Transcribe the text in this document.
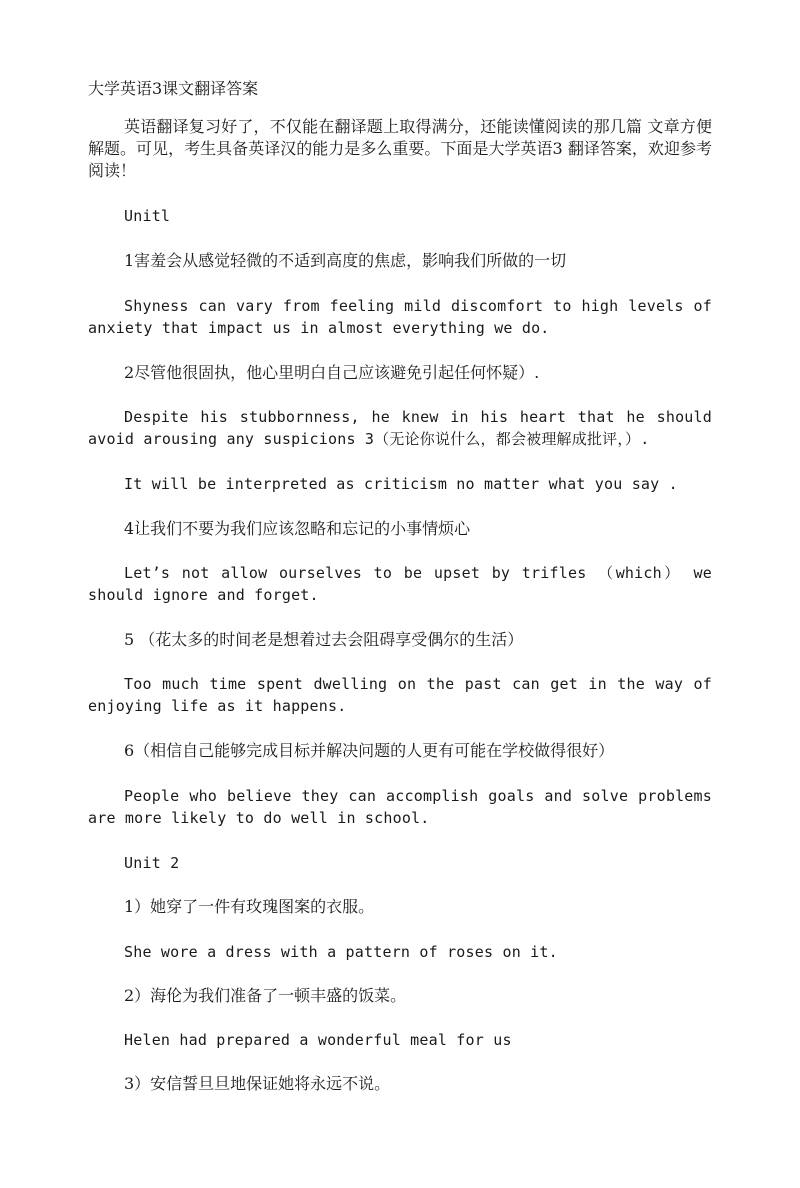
大学英语3课文翻译答案

英语翻译复习好了，不仅能在翻译题上取得满分，还能读懂阅读的那几篇 文章方便解题。可见，考生具备英译汉的能力是多么重要。下面是大学英语3 翻译答案，欢迎参考阅读！

Unitl

1害羞会从感觉轻微的不适到高度的焦虑，影响我们所做的一切

Shyness can vary from feeling mild discomfort to high levels of anxiety that impact us in almost everything we do.

2尽管他很固执，他心里明白自己应该避免引起任何怀疑）.

Despite his stubbornness, he knew in his heart that he should avoid arousing any suspicions 3（无论你说什么，都会被理解成批评，）.

It will be interpreted as criticism no matter what you say .

4让我们不要为我们应该忽略和忘记的小事情烦心

Let’s not allow ourselves to be upset by trifles （which） we should ignore and forget.

5 （花太多的时间老是想着过去会阻碍享受偶尔的生活）

Too much time spent dwelling on the past can get in the way of enjoying life as it happens.

6（相信自己能够完成目标并解决问题的人更有可能在学校做得很好）

People who believe they can accomplish goals and solve problems are more likely to do well in school.

Unit 2

1）她穿了一件有玫瑰图案的衣服。

She wore a dress with a pattern of roses on it.

2）海伦为我们准备了一顿丰盛的饭菜。

Helen had prepared a wonderful meal for us

3）安信誓旦旦地保证她将永远不说。
